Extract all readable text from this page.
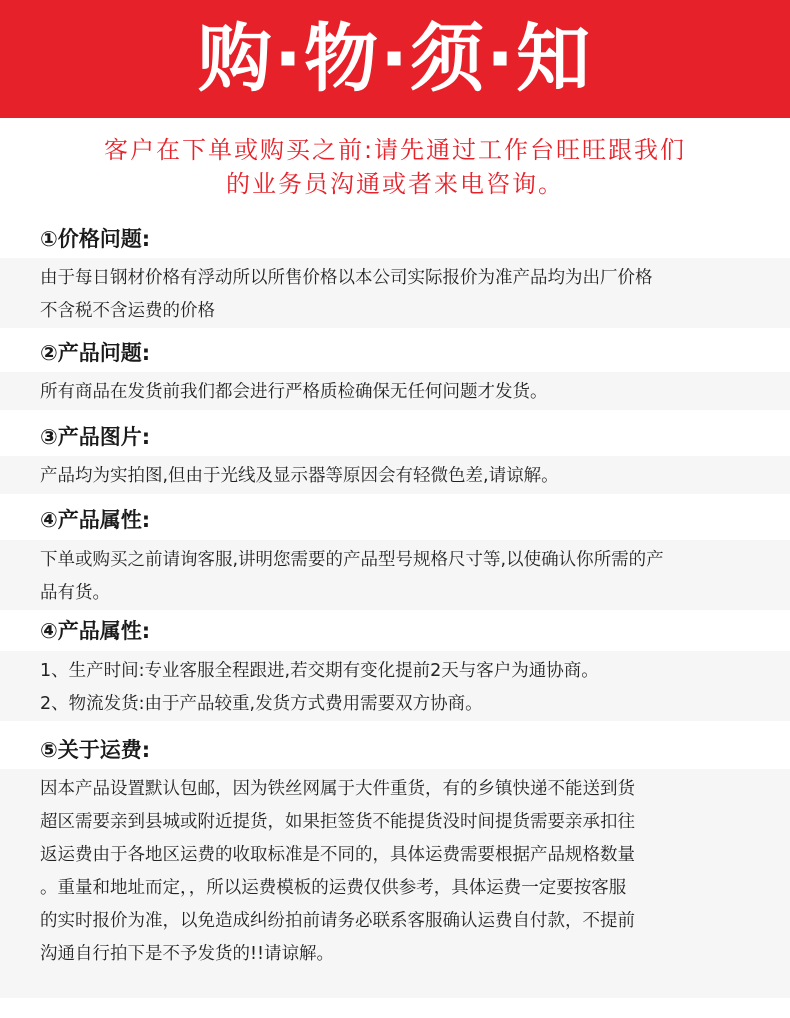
购·物·须·知
客户在下单或购买之前:请先通过工作台旺旺跟我们
的业务员沟通或者来电咨询。
①价格问题:
由于每日钢材价格有浮动所以所售价格以本公司实际报价为准产品均为出厂价格
不含税不含运费的价格
②产品问题:
所有商品在发货前我们都会进行严格质检确保无任何问题才发货。
③产品图片:
产品均为实拍图,但由于光线及显示器等原因会有轻微色差,请谅解。
④产品属性:
下单或购买之前请询客服,讲明您需要的产品型号规格尺寸等,以使确认你所需的产
品有货。
④产品属性:
1、生产时间:专业客服全程跟进,若交期有变化提前2天与客户为通协商。
2、物流发货:由于产品较重,发货方式费用需要双方协商。
⑤关于运费:
因本产品设置默认包邮，因为铁丝网属于大件重货，有的乡镇快递不能送到货
超区需要亲到县城或附近提货，如果拒签货不能提货没时间提货需要亲承扣往
返运费由于各地区运费的收取标准是不同的，具体运费需要根据产品规格数量
。重量和地址而定，，所以运费模板的运费仅供参考，具体运费一定要按客服
的实时报价为准，以免造成纠纷拍前请务必联系客服确认运费自付款，不提前
沟通自行拍下是不予发货的!!请谅解。
